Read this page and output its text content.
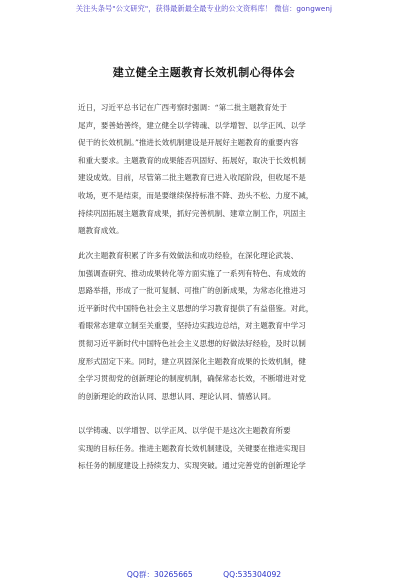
关注头条号"公文研究"，获得最新最全最专业的公文资料库！ 微信：gongwenj
建立健全主题教育长效机制心得体会
近日，习近平总书记在广西考察时强调：“第二批主题教育处于
尾声，要善始善终，建立健全以学铸魂、以学增智、以学正风、以学
促干的长效机制。”推进长效机制建设是开展好主题教育的重要内容
和重大要求。主题教育的成果能否巩固好、拓展好，取决于长效机制
建设成效。目前，尽管第二批主题教育已进入收尾阶段，但收尾不是
收场，更不是结束，而是要继续保持标准不降、劲头不松、力度不减，
持续巩固拓展主题教育成果，抓好完善机制、建章立制工作，巩固主
题教育成效。
此次主题教育积累了许多有效做法和成功经验，在深化理论武装、
加强调查研究、推动成果转化等方面实施了一系列有特色、有成效的
思路举措，形成了一批可复制、可推广的创新成果，为常态化推进习
近平新时代中国特色社会主义思想的学习教育提供了有益借鉴。对此，
看眼常态建章立制至关重要，坚持边实践边总结，对主题教育中学习
贯彻习近平新时代中国特色社会主义思想的好做法好经验，及时以制
度形式固定下来。同时，建立巩固深化主题教育成果的长效机制，健
全学习贯彻党的创新理论的制度机制，确保常态长效，不断增进对党
的创新理论的政治认同、思想认同、理论认同、情感认同。
以学铸魂、以学增智、以学正风、以学促干是这次主题教育所要
实现的目标任务。推进主题教育长效机制建设，关键要在推进实现目
标任务的制度建设上持续发力、实现突破。通过完善党的创新理论学
QQ群：30265665	QQ:535304092
